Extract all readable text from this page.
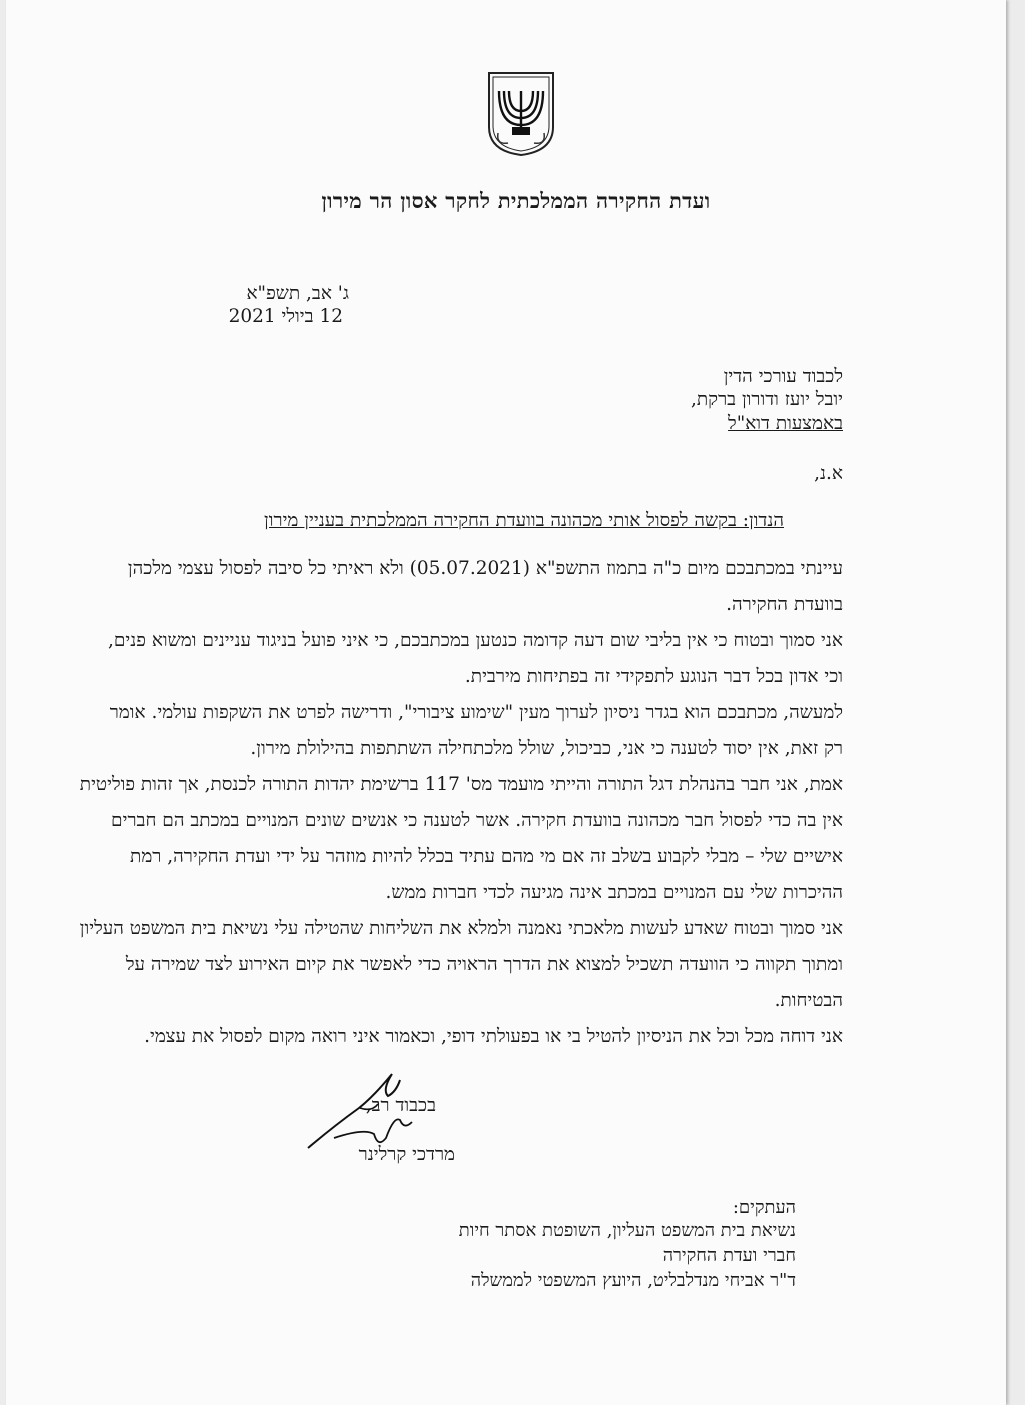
ועדת החקירה הממלכתית לחקר אסון הר מירון
ג' אב, תשפ"א
12 ביולי 2021
לכבוד עורכי הדין
יובל יועז ודורון ברקת,
באמצעות דוא"ל
א.נ,
הנדון: בקשה לפסול אותי מכהונה בוועדת החקירה הממלכתית בעניין מירון
עיינתי במכתבכם מיום כ"ה בתמוז התשפ"א (05.07.2021) ולא ראיתי כל סיבה לפסול עצמי מלכהן
בוועדת החקירה.
אני סמוך ובטוח כי אין בליבי שום דעה קדומה כנטען במכתבכם, כי איני פועל בניגוד עניינים ומשוא פנים,
וכי אדון בכל דבר הנוגע לתפקידי זה בפתיחות מירבית.
למעשה, מכתבכם הוא בגדר ניסיון לערוך מעין "שימוע ציבורי", ודרישה לפרט את השקפות עולמי. אומר
רק זאת, אין יסוד לטענה כי אני, כביכול, שולל מלכתחילה השתתפות בהילולת מירון.
אמת, אני חבר בהנהלת דגל התורה והייתי מועמד מס' 117 ברשימת יהדות התורה לכנסת, אך זהות פוליטית
אין בה כדי לפסול חבר מכהונה בוועדת חקירה. אשר לטענה כי אנשים שונים המנויים במכתב הם חברים
אישיים שלי – מבלי לקבוע בשלב זה אם מי מהם עתיד בכלל להיות מוזהר על ידי ועדת החקירה, רמת
ההיכרות שלי עם המנויים במכתב אינה מגיעה לכדי חברות ממש.
אני סמוך ובטוח שאדע לעשות מלאכתי נאמנה ולמלא את השליחות שהטילה עלי נשיאת בית המשפט העליון
ומתוך תקווה כי הוועדה תשכיל למצוא את הדרך הראויה כדי לאפשר את קיום האירוע לצד שמירה על
הבטיחות.
אני דוחה מכל וכל את הניסיון להטיל בי או בפעולתי דופי, וכאמור איני רואה מקום לפסול את עצמי.
בכבוד רב,
מרדכי קרלינר
העתקים:
נשיאת בית המשפט העליון, השופטת אסתר חיות
חברי ועדת החקירה
ד"ר אביחי מנדלבליט, היועץ המשפטי לממשלה
